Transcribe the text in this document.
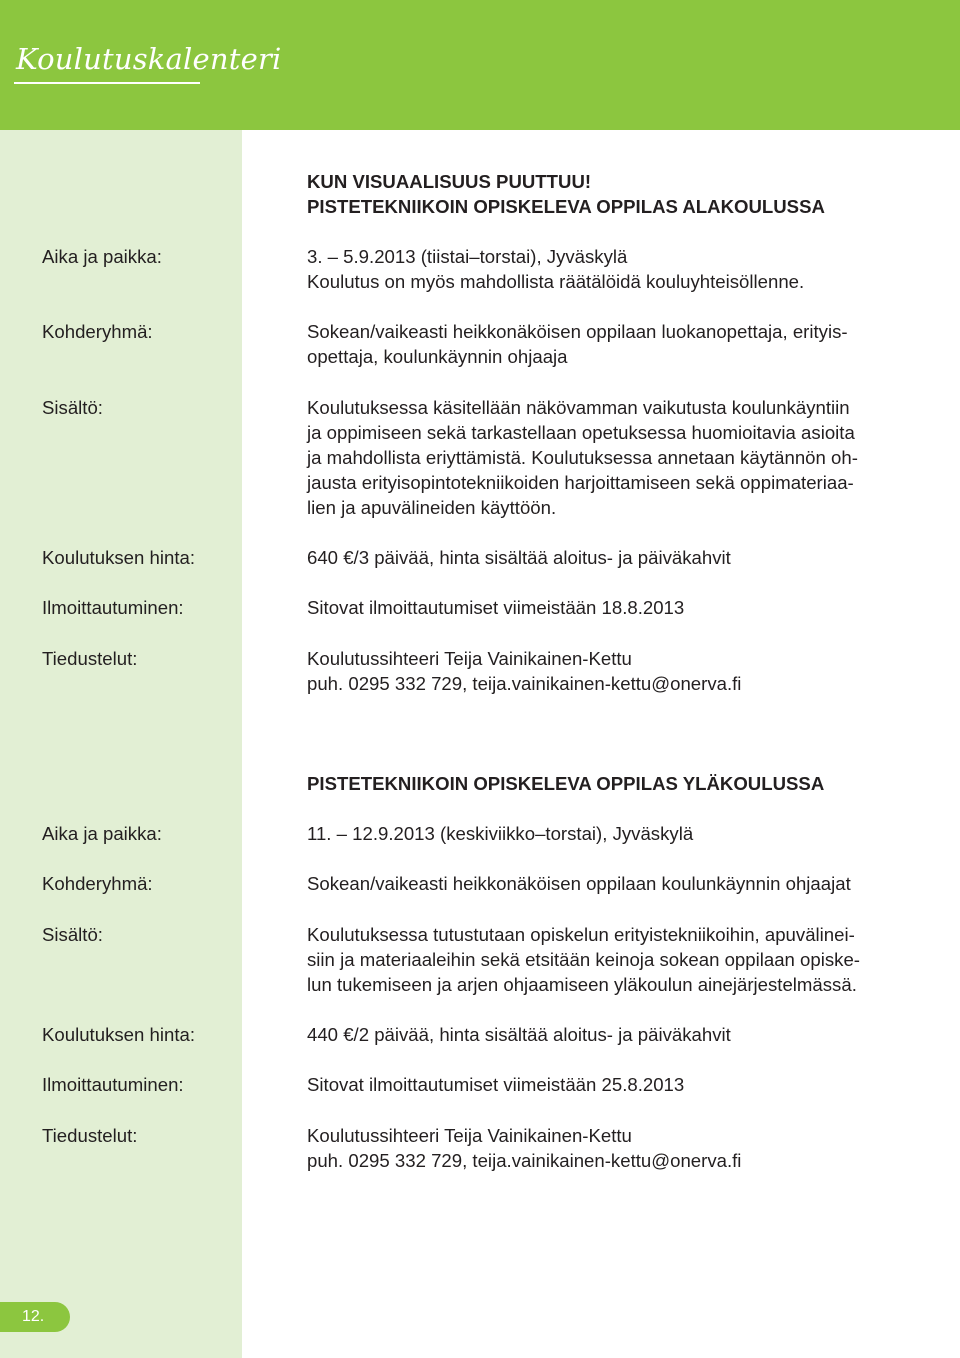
Koulutuskalenteri
12.

KUN VISUAALISUUS PUUTTUU!

PISTETEKNIIKOIN OPISKELEVA OPPILAS ALAKOULUSSA

Aika ja paikka:	3. – 5.9.2013 (tiistai–torstai), Jyväskylä

Koulutus on myös mahdollista räätälöidä kouluyhteisöllenne.

Kohderyhmä:	Sokean/vaikeasti heikkonäköisen oppilaan luokanopettaja, erityis-

opettaja, koulunkäynnin ohjaaja

Sisältö:	Koulutuksessa käsitellään näkövamman vaikutusta koulunkäyntiin

ja oppimiseen sekä tarkastellaan opetuksessa huomioitavia asioita

ja mahdollista eriyttämistä. Koulutuksessa annetaan käytännön oh-

jausta erityisopintotekniikoiden harjoittamiseen sekä oppimateriaa-

lien ja apuvälineiden käyttöön.

Koulutuksen hinta:	640 €/3 päivää, hinta sisältää aloitus- ja päiväkahvit

Ilmoittautuminen:	Sitovat ilmoittautumiset viimeistään 18.8.2013

Tiedustelut:	Koulutussihteeri Teija Vainikainen-Kettu

puh. 0295 332 729, teija.vainikainen-kettu@onerva.fi

PISTETEKNIIKOIN OPISKELEVA OPPILAS YLÄKOULUSSA

Aika ja paikka:	11. – 12.9.2013 (keskiviikko–torstai), Jyväskylä

Kohderyhmä:	Sokean/vaikeasti heikkonäköisen oppilaan koulunkäynnin ohjaajat

Sisältö:	Koulutuksessa tutustutaan opiskelun erityistekniikoihin, apuvälinei-

siin ja materiaaleihin sekä etsitään keinoja sokean oppilaan opiske-

lun tukemiseen ja arjen ohjaamiseen yläkoulun ainejärjestelmässä.

Koulutuksen hinta:	440 €/2 päivää, hinta sisältää aloitus- ja päiväkahvit

Ilmoittautuminen:	Sitovat ilmoittautumiset viimeistään 25.8.2013

Tiedustelut:	Koulutussihteeri Teija Vainikainen-Kettu

puh. 0295 332 729, teija.vainikainen-kettu@onerva.fi
